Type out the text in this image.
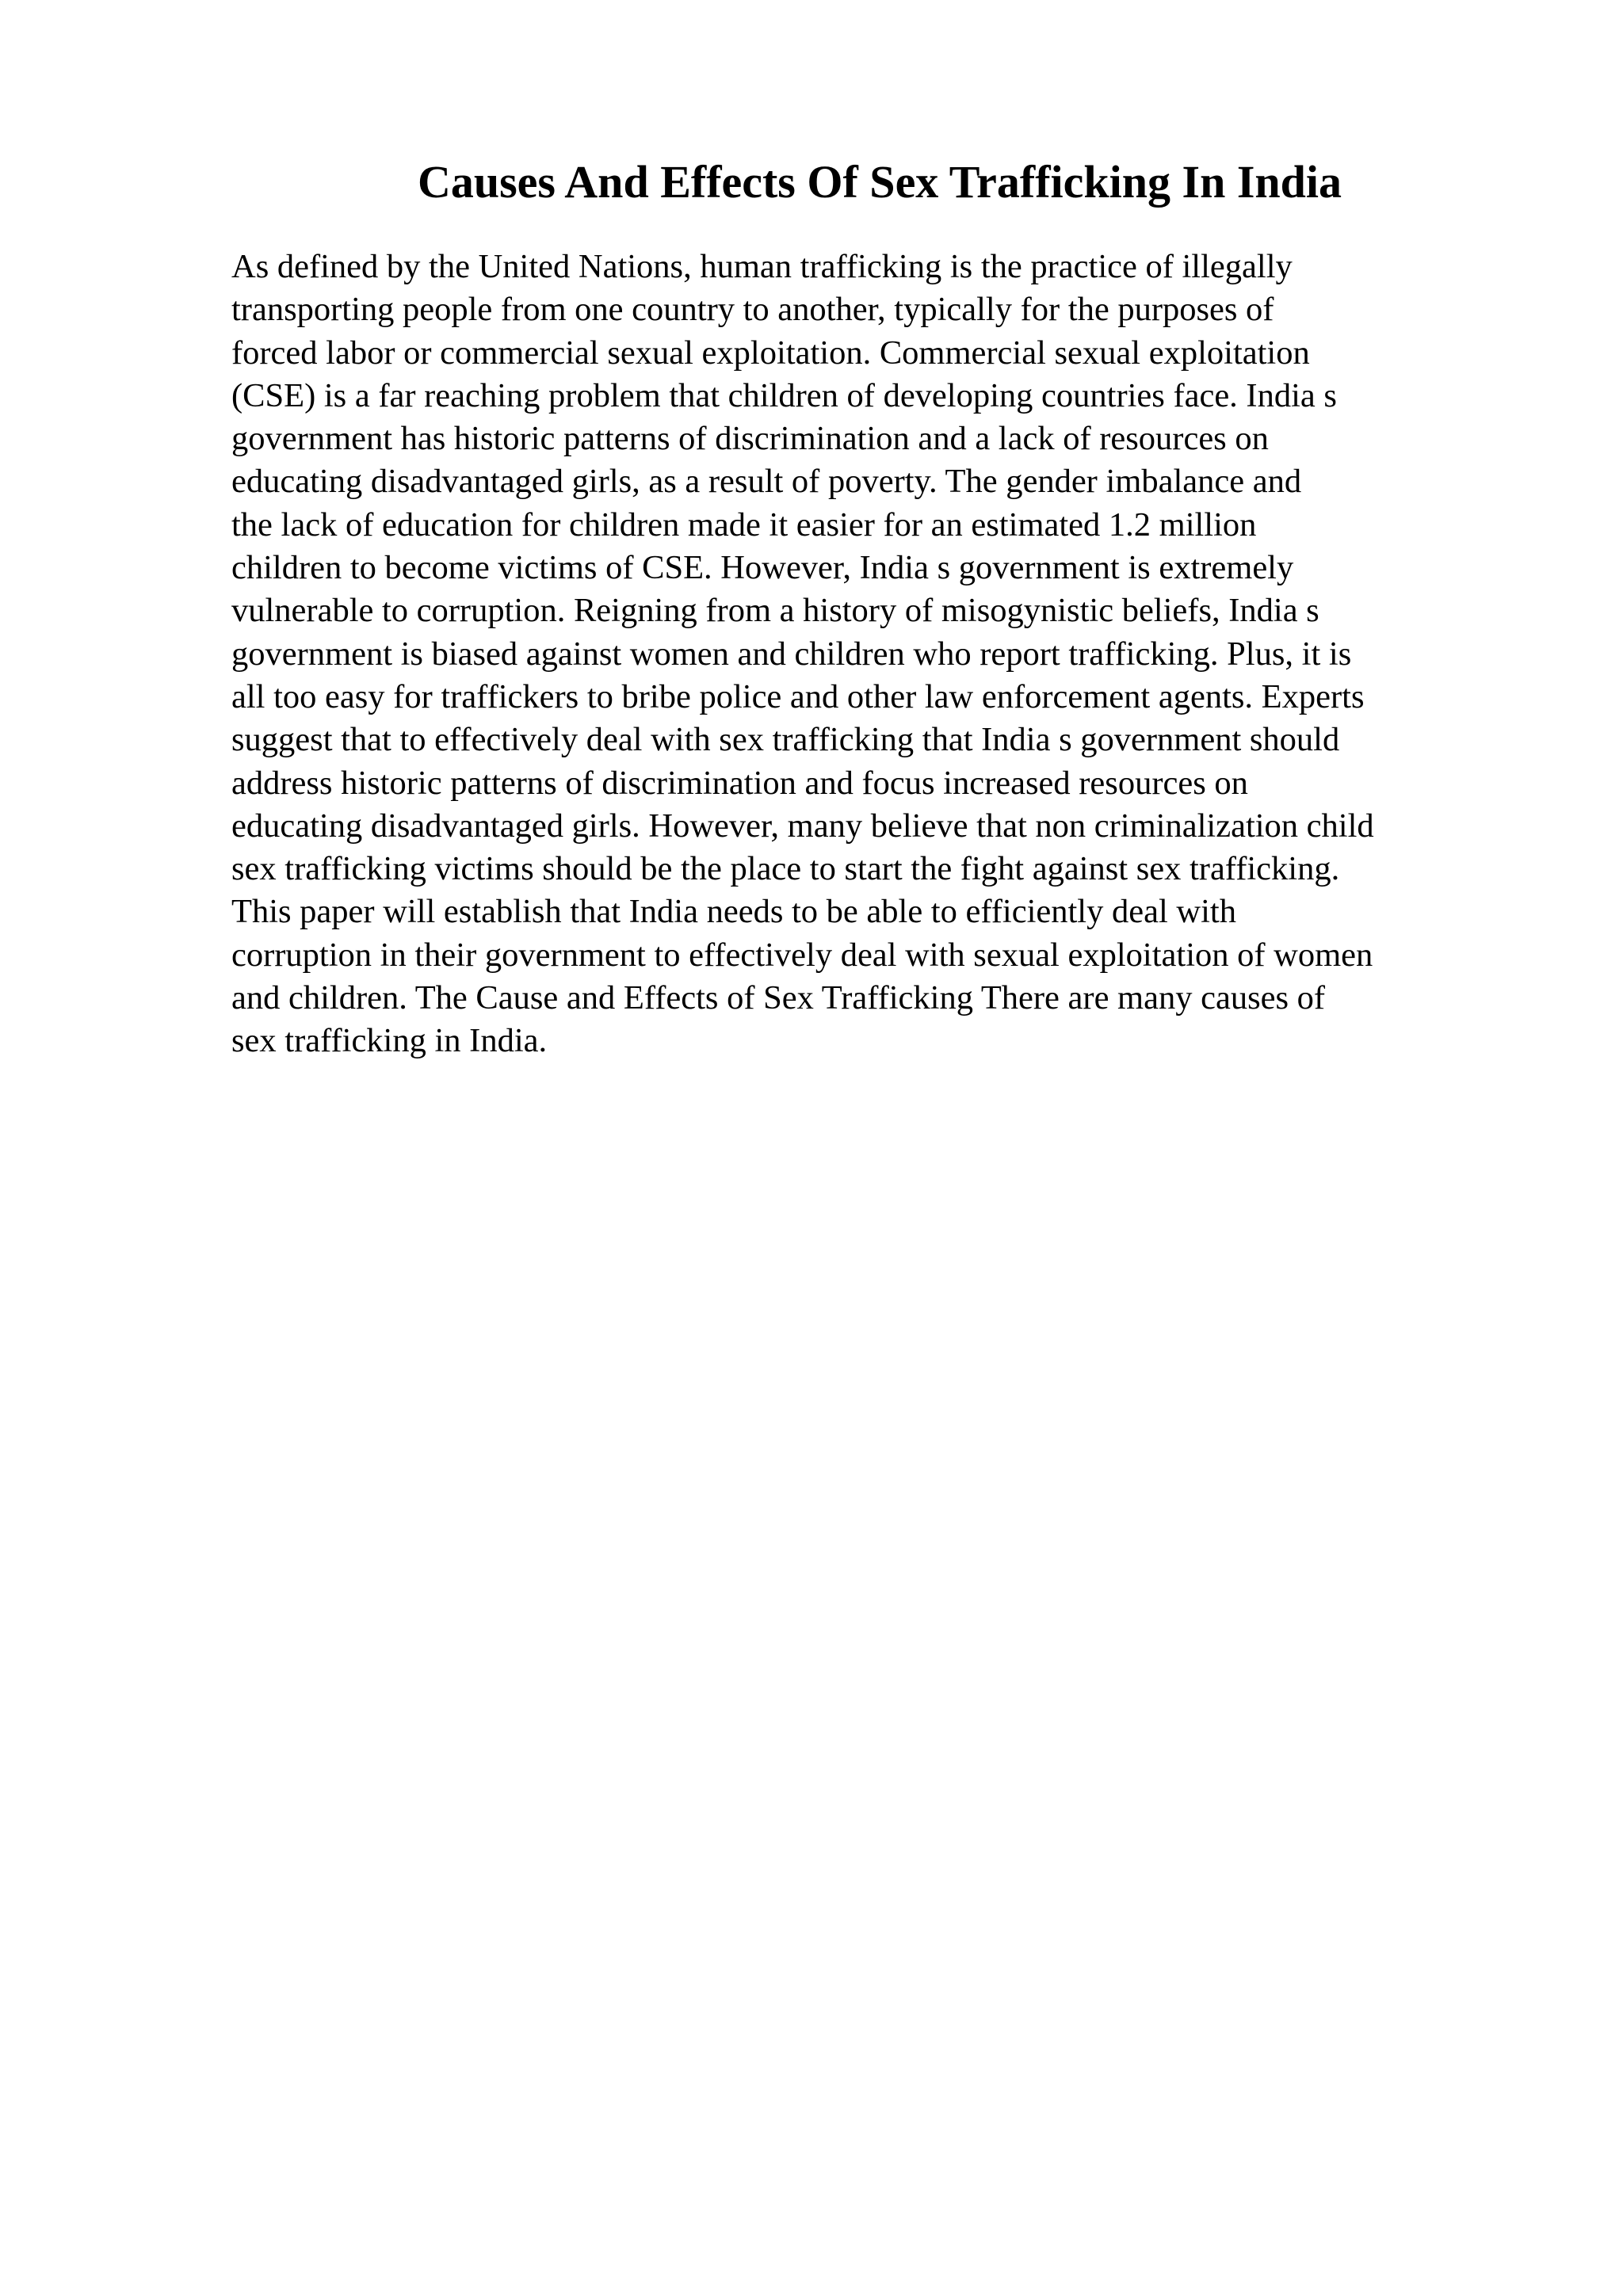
Causes And Effects Of Sex Trafficking In India
As defined by the United Nations, human trafficking is the practice of illegally
transporting people from one country to another, typically for the purposes of
forced labor or commercial sexual exploitation. Commercial sexual exploitation
(CSE) is a far reaching problem that children of developing countries face. India s
government has historic patterns of discrimination and a lack of resources on
educating disadvantaged girls, as a result of poverty. The gender imbalance and
the lack of education for children made it easier for an estimated 1.2 million
children to become victims of CSE. However, India s government is extremely
vulnerable to corruption. Reigning from a history of misogynistic beliefs, India s
government is biased against women and children who report trafficking. Plus, it is
all too easy for traffickers to bribe police and other law enforcement agents. Experts
suggest that to effectively deal with sex trafficking that India s government should
address historic patterns of discrimination and focus increased resources on
educating disadvantaged girls. However, many believe that non criminalization child
sex trafficking victims should be the place to start the fight against sex trafficking.
This paper will establish that India needs to be able to efficiently deal with
corruption in their government to effectively deal with sexual exploitation of women
and children. The Cause and Effects of Sex Trafficking There are many causes of
sex trafficking in India.
